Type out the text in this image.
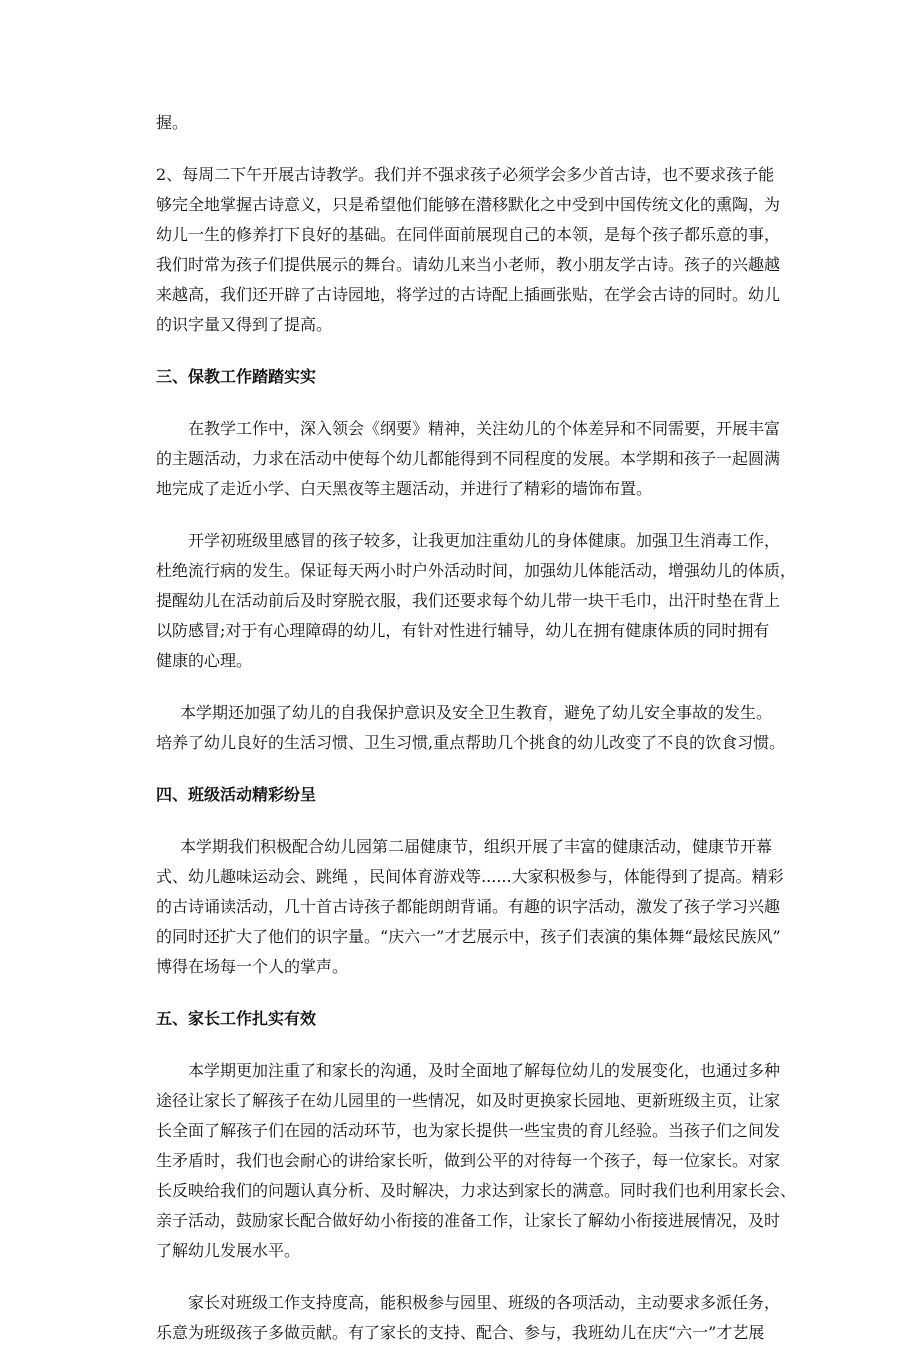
握。

2、每周二下午开展古诗教学。我们并不强求孩子必须学会多少首古诗，也不要求孩子能
够完全地掌握古诗意义，只是希望他们能够在潜移默化之中受到中国传统文化的熏陶，为
幼儿一生的修养打下良好的基础。在同伴面前展现自己的本领，是每个孩子都乐意的事，
我们时常为孩子们提供展示的舞台。请幼儿来当小老师，教小朋友学古诗。孩子的兴趣越
来越高，我们还开辟了古诗园地，将学过的古诗配上插画张贴，在学会古诗的同时。幼儿
的识字量又得到了提高。

三、保教工作踏踏实实

在教学工作中，深入领会《纲要》精神，关注幼儿的个体差异和不同需要，开展丰富
的主题活动，力求在活动中使每个幼儿都能得到不同程度的发展。本学期和孩子一起圆满
地完成了走近小学、白天黑夜等主题活动，并进行了精彩的墙饰布置。

开学初班级里感冒的孩子较多，让我更加注重幼儿的身体健康。加强卫生消毒工作，
杜绝流行病的发生。保证每天两小时户外活动时间，加强幼儿体能活动，增强幼儿的体质，
提醒幼儿在活动前后及时穿脱衣服，我们还要求每个幼儿带一块干毛巾，出汗时垫在背上
以防感冒;对于有心理障碍的幼儿，有针对性进行辅导，幼儿在拥有健康体质的同时拥有
健康的心理。

本学期还加强了幼儿的自我保护意识及安全卫生教育，避免了幼儿安全事故的发生。
培养了幼儿良好的生活习惯、卫生习惯,重点帮助几个挑食的幼儿改变了不良的饮食习惯。

四、班级活动精彩纷呈

本学期我们积极配合幼儿园第二届健康节，组织开展了丰富的健康活动，健康节开幕
式、幼儿趣味运动会、跳绳 ，民间体育游戏等......大家积极参与，体能得到了提高。精彩
的古诗诵读活动，几十首古诗孩子都能朗朗背诵。有趣的识字活动，激发了孩子学习兴趣
的同时还扩大了他们的识字量。“庆六一”才艺展示中，孩子们表演的集体舞“最炫民族风”
博得在场每一个人的掌声。

五、家长工作扎实有效

本学期更加注重了和家长的沟通，及时全面地了解每位幼儿的发展变化，也通过多种
途径让家长了解孩子在幼儿园里的一些情况，如及时更换家长园地、更新班级主页，让家
长全面了解孩子们在园的活动环节，也为家长提供一些宝贵的育儿经验。当孩子们之间发
生矛盾时，我们也会耐心的讲给家长听，做到公平的对待每一个孩子，每一位家长。对家
长反映给我们的问题认真分析、及时解决，力求达到家长的满意。同时我们也利用家长会、
亲子活动，鼓励家长配合做好幼小衔接的准备工作，让家长了解幼小衔接进展情况，及时
了解幼儿发展水平。

家长对班级工作支持度高，能积极参与园里、班级的各项活动，主动要求多派任务，
乐意为班级孩子多做贡献。有了家长的支持、配合、参与，我班幼儿在庆“六一”才艺展
